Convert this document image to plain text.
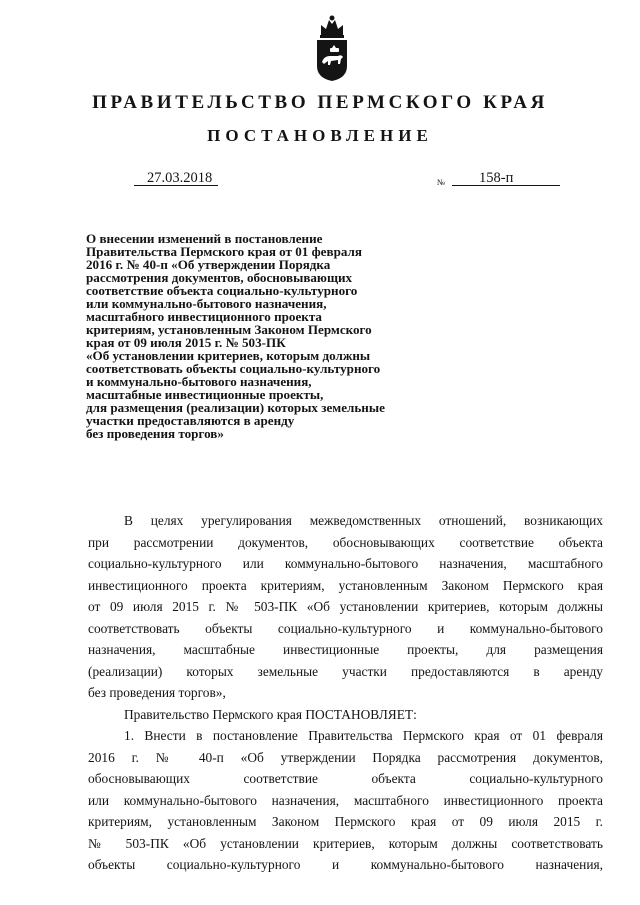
ПРАВИТЕЛЬСТВО ПЕРМСКОГО КРАЯ
ПОСТАНОВЛЕНИЕ
27.03.2018	№ 158-п
О внесении изменений в постановление
Правительства Пермского края от 01 февраля
2016 г. № 40-п «Об утверждении Порядка
рассмотрения документов, обосновывающих
соответствие объекта социально-культурного
или коммунально-бытового назначения,
масштабного инвестиционного проекта
критериям, установленным Законом Пермского
края от 09 июля 2015 г. № 503-ПК
«Об установлении критериев, которым должны
соответствовать объекты социально-культурного
и коммунально-бытового назначения,
масштабные инвестиционные проекты,
для размещения (реализации) которых земельные
участки предоставляются в аренду
без проведения торгов»
В целях урегулирования межведомственных отношений, возникающих
при рассмотрении документов, обосновывающих соответствие объекта
социально-культурного или коммунально-бытового назначения, масштабного
инвестиционного проекта критериям, установленным Законом Пермского края
от 09 июля 2015 г. № 503-ПК «Об установлении критериев, которым должны
соответствовать объекты социально-культурного и коммунально-бытового
назначения, масштабные инвестиционные проекты, для размещения
(реализации) которых земельные участки предоставляются в аренду
без проведения торгов»,
Правительство Пермского края ПОСТАНОВЛЯЕТ:
1. Внести в постановление Правительства Пермского края от 01 февраля
2016 г. № 40-п «Об утверждении Порядка рассмотрения документов,
обосновывающих соответствие объекта социально-культурного
или коммунально-бытового назначения, масштабного инвестиционного проекта
критериям, установленным Законом Пермского края от 09 июля 2015 г.
№ 503-ПК «Об установлении критериев, которым должны соответствовать
объекты социально-культурного и коммунально-бытового назначения,
